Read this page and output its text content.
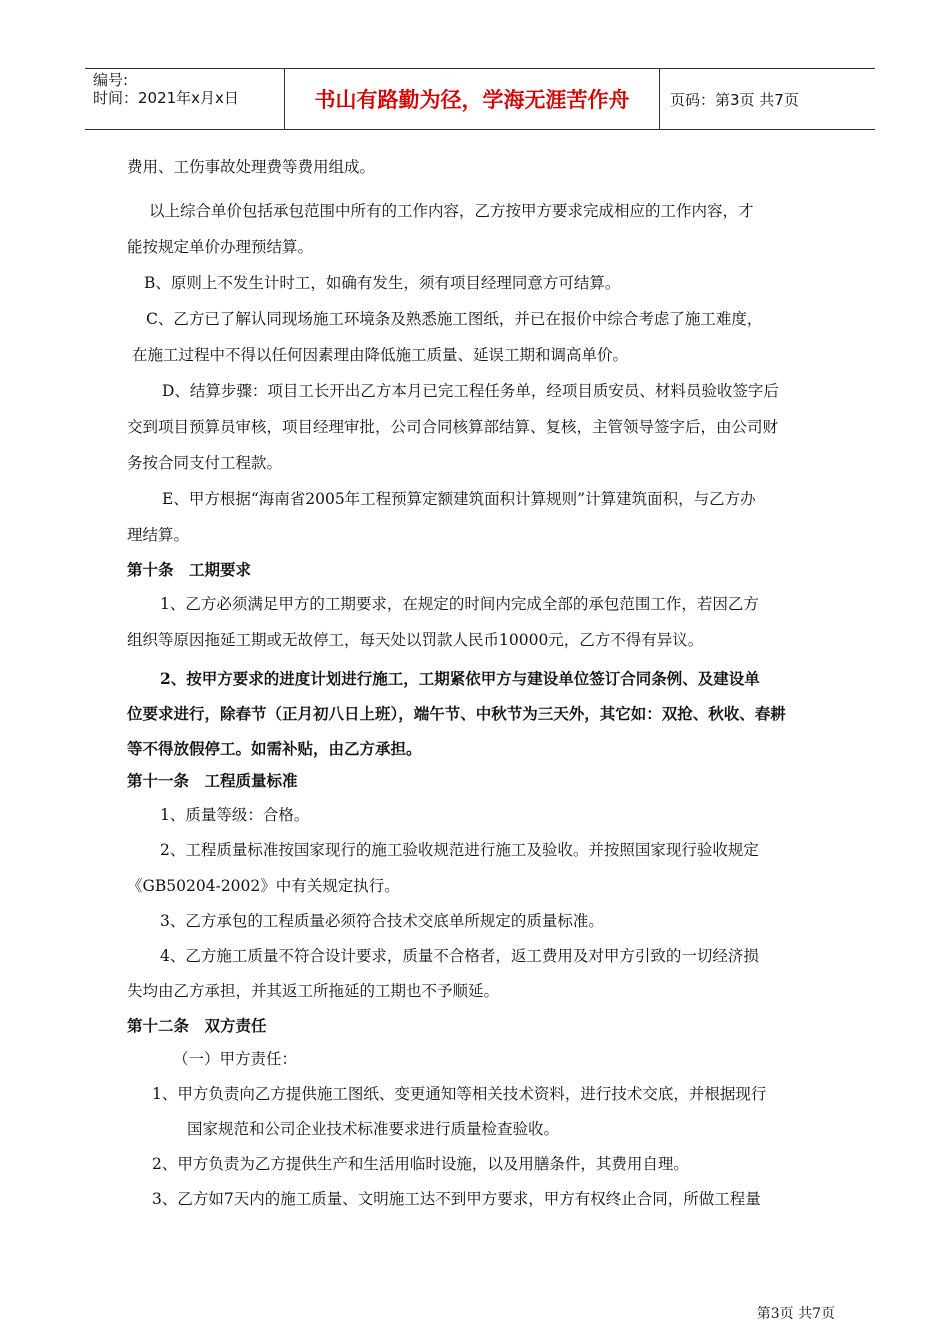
编号:
时间：2021年x月x日	书山有路勤为径，学海无涯苦作舟	页码：第3页 共7页
费用、工伤事故处理费等费用组成。
以上综合单价包括承包范围中所有的工作内容，乙方按甲方要求完成相应的工作内容，才
能按规定单价办理预结算。
B、原则上不发生计时工，如确有发生，须有项目经理同意方可结算。
C、乙方已了解认同现场施工环境条及熟悉施工图纸，并已在报价中综合考虑了施工难度，
在施工过程中不得以任何因素理由降低施工质量、延误工期和调高单价。
D、结算步骤：项目工长开出乙方本月已完工程任务单，经项目质安员、材料员验收签字后
交到项目预算员审核，项目经理审批，公司合同核算部结算、复核，主管领导签字后，由公司财
务按合同支付工程款。
E、甲方根据“海南省2005年工程预算定额建筑面积计算规则”计算建筑面积，与乙方办
理结算。
第十条　工期要求
1、乙方必须满足甲方的工期要求，在规定的时间内完成全部的承包范围工作，若因乙方
组织等原因拖延工期或无故停工，每天处以罚款人民币10000元，乙方不得有异议。
2、按甲方要求的进度计划进行施工，工期紧依甲方与建设单位签订合同条例、及建设单
位要求进行，除春节（正月初八日上班），端午节、中秋节为三天外，其它如：双抢、秋收、春耕
等不得放假停工。如需补贴，由乙方承担。
第十一条　工程质量标准
1、质量等级：合格。
2、工程质量标准按国家现行的施工验收规范进行施工及验收。并按照国家现行验收规定
《GB50204-2002》中有关规定执行。
3、乙方承包的工程质量必须符合技术交底单所规定的质量标准。
4、乙方施工质量不符合设计要求，质量不合格者，返工费用及对甲方引致的一切经济损
失均由乙方承担，并其返工所拖延的工期也不予顺延。
第十二条　双方责任
（一）甲方责任：
1、甲方负责向乙方提供施工图纸、变更通知等相关技术资料，进行技术交底，并根据现行
国家规范和公司企业技术标准要求进行质量检查验收。
2、甲方负责为乙方提供生产和生活用临时设施，以及用膳条件，其费用自理。
3、乙方如7天内的施工质量、文明施工达不到甲方要求，甲方有权终止合同，所做工程量
第3页 共7页
